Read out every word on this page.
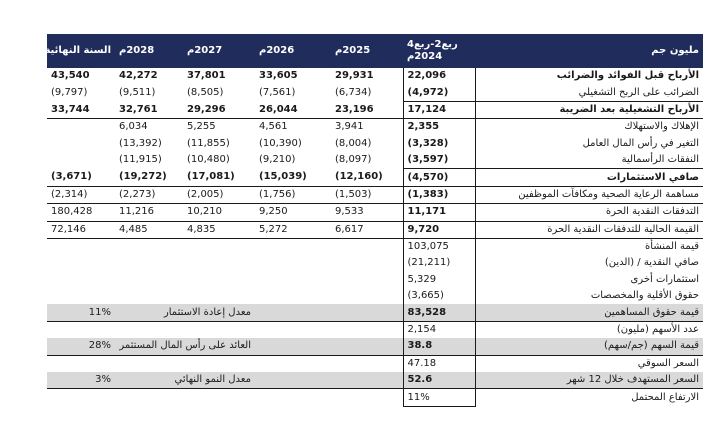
مليون جم	ربع2-ربع4 2024م	2025م	2026م	2027م	2028م	السنة النهائية
الأرباح قبل الفوائد والضرائب	22,096	29,931	33,605	37,801	42,272	43,540
الضرائب على الربح التشغيلي	(4,972)	(6,734)	(7,561)	(8,505)	(9,511)	(9,797)
الأرباح التشغيلية بعد الضريبة	17,124	23,196	26,044	29,296	32,761	33,744
الإهلاك والاستهلاك	2,355	3,941	4,561	5,255	6,034	
التغير في رأس المال العامل	(3,328)	(8,004)	(10,390)	(11,855)	(13,392)	
النفقات الرأسمالية	(3,597)	(8,097)	(9,210)	(10,480)	(11,915)	
صافي الاستثمارات	(4,570)	(12,160)	(15,039)	(17,081)	(19,272)	(3,671)
مساهمة الرعاية الصحية ومكافآت الموظفين	(1,383)	(1,503)	(1,756)	(2,005)	(2,273)	(2,314)
التدفقات النقدية الحرة	11,171	9,533	9,250	10,210	11,216	180,428
القيمة الحالية للتدفقات النقدية الحرة	9,720	6,617	5,272	4,835	4,485	72,146
قيمة المنشأة	103,075					
صافي النقدية / (الدين)	(21,211)					
استثمارات أخرى	5,329					
حقوق الأقلية والمخصصات	(3,665)					
قيمة حقوق المساهمين	83,528			معدل إعادة الاستثمار		11%
عدد الأسهم (مليون)	2,154					
قيمة السهم (جم/سهم)	38.8			العائد على رأس المال المستثمر		28%
السعر السوقي	47.18					
السعر المستهدف خلال 12 شهر	52.6			معدل النمو النهائي		3%
الارتفاع المحتمل	11%					
